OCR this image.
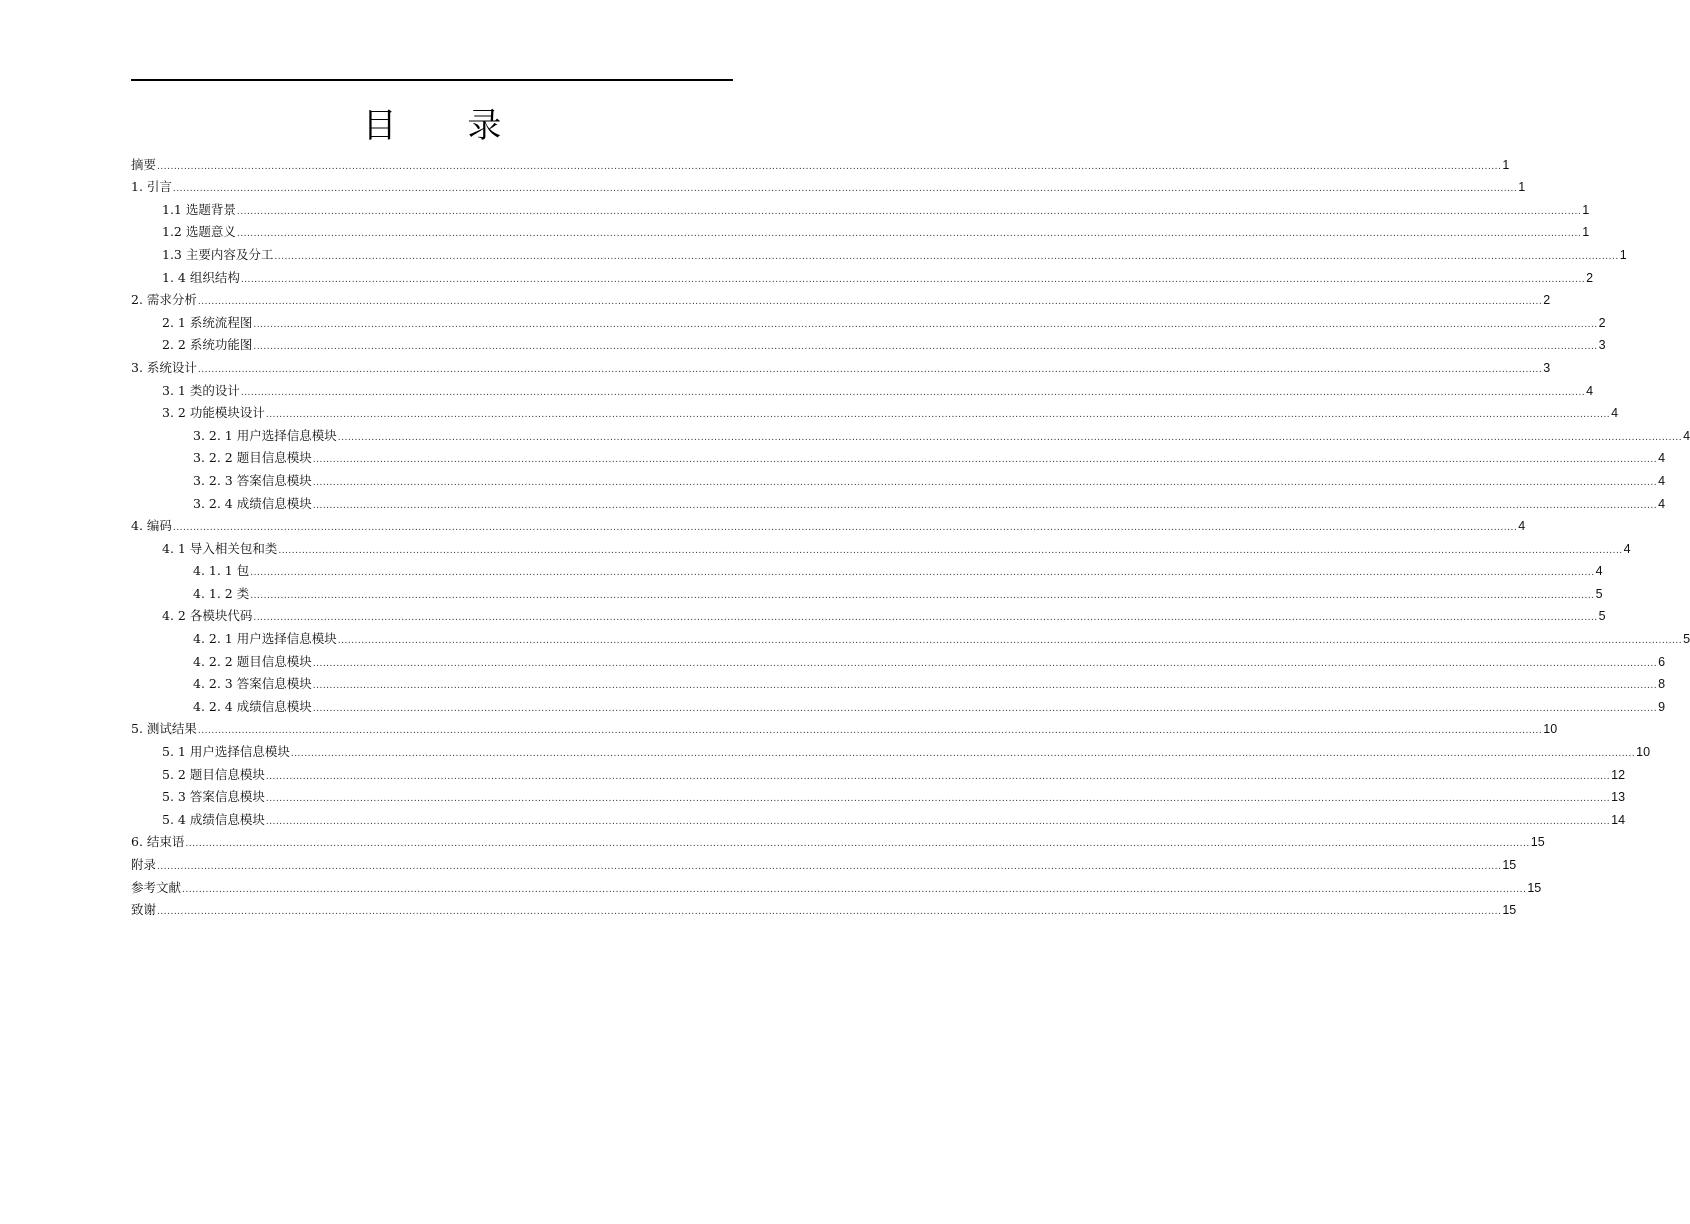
目 录
摘要 ................................................................................................................................................................................................................................................................................................................................................................................................................ 1
1. 引言 ................................................................................................................................................................................................................................................................................................................................................................................................................ 1
1.1 选题背景 ................................................................................................................................................................................................................................................................................................................................................................................................................ 1
1.2 选题意义 ................................................................................................................................................................................................................................................................................................................................................................................................................ 1
1.3 主要内容及分工 ................................................................................................................................................................................................................................................................................................................................................................................................................ 1
1. 4 组织结构 ................................................................................................................................................................................................................................................................................................................................................................................................................ 2
2. 需求分析 ................................................................................................................................................................................................................................................................................................................................................................................................................ 2
2. 1 系统流程图 ................................................................................................................................................................................................................................................................................................................................................................................................................ 2
2. 2 系统功能图 ................................................................................................................................................................................................................................................................................................................................................................................................................ 3
3. 系统设计 ................................................................................................................................................................................................................................................................................................................................................................................................................ 3
3. 1 类的设计 ................................................................................................................................................................................................................................................................................................................................................................................................................ 4
3. 2 功能模块设计 ................................................................................................................................................................................................................................................................................................................................................................................................................ 4
3. 2. 1 用户选择信息模块 ................................................................................................................................................................................................................................................................................................................................................................................................................ 4
3. 2. 2 题目信息模块 ................................................................................................................................................................................................................................................................................................................................................................................................................ 4
3. 2. 3 答案信息模块 ................................................................................................................................................................................................................................................................................................................................................................................................................ 4
3. 2. 4 成绩信息模块 ................................................................................................................................................................................................................................................................................................................................................................................................................ 4
4. 编码 ................................................................................................................................................................................................................................................................................................................................................................................................................ 4
4. 1 导入相关包和类 ................................................................................................................................................................................................................................................................................................................................................................................................................ 4
4. 1. 1 包 ................................................................................................................................................................................................................................................................................................................................................................................................................ 4
4. 1. 2 类 ................................................................................................................................................................................................................................................................................................................................................................................................................ 5
4. 2 各模块代码 ................................................................................................................................................................................................................................................................................................................................................................................................................ 5
4. 2. 1 用户选择信息模块 ................................................................................................................................................................................................................................................................................................................................................................................................................ 5
4. 2. 2 题目信息模块 ................................................................................................................................................................................................................................................................................................................................................................................................................ 6
4. 2. 3 答案信息模块 ................................................................................................................................................................................................................................................................................................................................................................................................................ 8
4. 2. 4 成绩信息模块 ................................................................................................................................................................................................................................................................................................................................................................................................................ 9
5. 测试结果 ................................................................................................................................................................................................................................................................................................................................................................................................................ 10
5. 1 用户选择信息模块 ................................................................................................................................................................................................................................................................................................................................................................................................................ 10
5. 2 题目信息模块 ................................................................................................................................................................................................................................................................................................................................................................................................................ 12
5. 3 答案信息模块 ................................................................................................................................................................................................................................................................................................................................................................................................................ 13
5. 4 成绩信息模块 ................................................................................................................................................................................................................................................................................................................................................................................................................ 14
6. 结束语 ................................................................................................................................................................................................................................................................................................................................................................................................................ 15
附录 ................................................................................................................................................................................................................................................................................................................................................................................................................ 15
参考文献 ................................................................................................................................................................................................................................................................................................................................................................................................................ 15
致谢 ................................................................................................................................................................................................................................................................................................................................................................................................................ 15
